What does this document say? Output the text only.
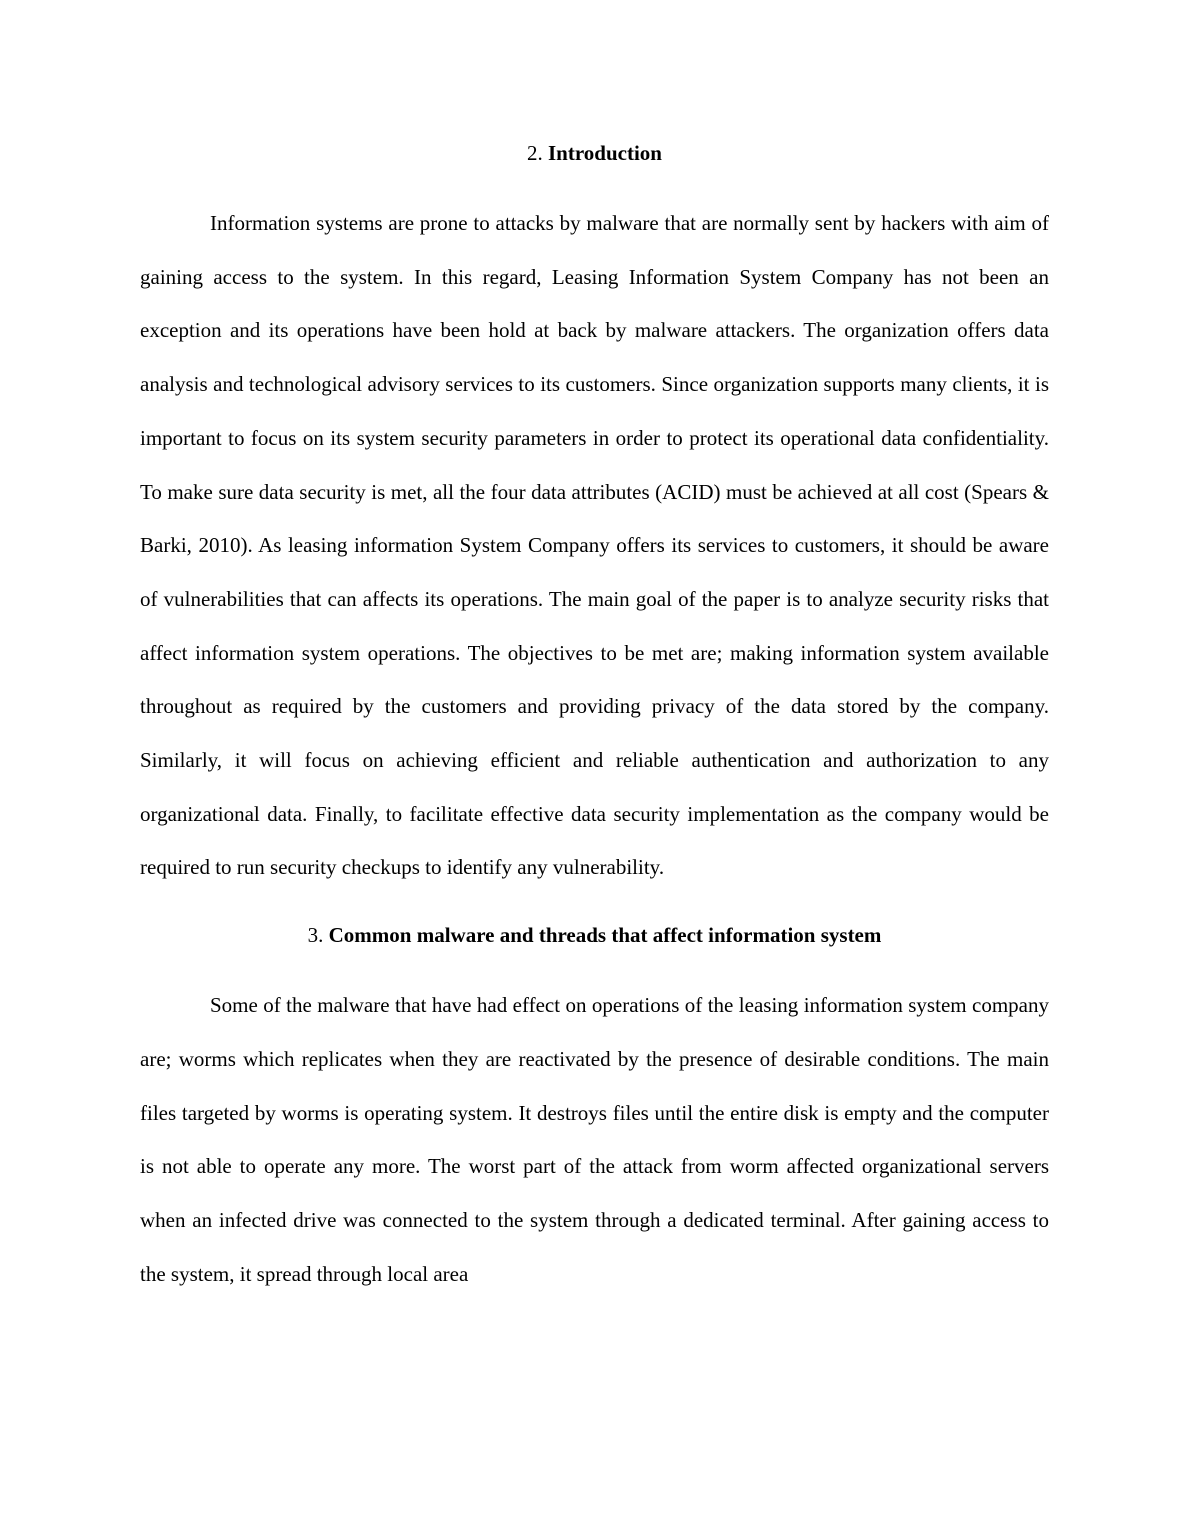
2. Introduction

Information systems are prone to attacks by malware that are normally sent by hackers with aim of gaining access to the system. In this regard, Leasing Information System Company has not been an exception and its operations have been hold at back by malware attackers. The organization offers data analysis and technological advisory services to its customers. Since organization supports many clients, it is important to focus on its system security parameters in order to protect its operational data confidentiality. To make sure data security is met, all the four data attributes (ACID) must be achieved at all cost (Spears & Barki, 2010). As leasing information System Company offers its services to customers, it should be aware of vulnerabilities that can affects its operations. The main goal of the paper is to analyze security risks that affect information system operations. The objectives to be met are; making information system available throughout as required by the customers and providing privacy of the data stored by the company. Similarly, it will focus on achieving efficient and reliable authentication and authorization to any organizational data. Finally, to facilitate effective data security implementation as the company would be required to run security checkups to identify any vulnerability.

3. Common malware and threads that affect information system

Some of the malware that have had effect on operations of the leasing information system company are; worms which replicates when they are reactivated by the presence of desirable conditions. The main files targeted by worms is operating system. It destroys files until the entire disk is empty and the computer is not able to operate any more. The worst part of the attack from worm affected organizational servers when an infected drive was connected to the system through a dedicated terminal. After gaining access to the system, it spread through local area
